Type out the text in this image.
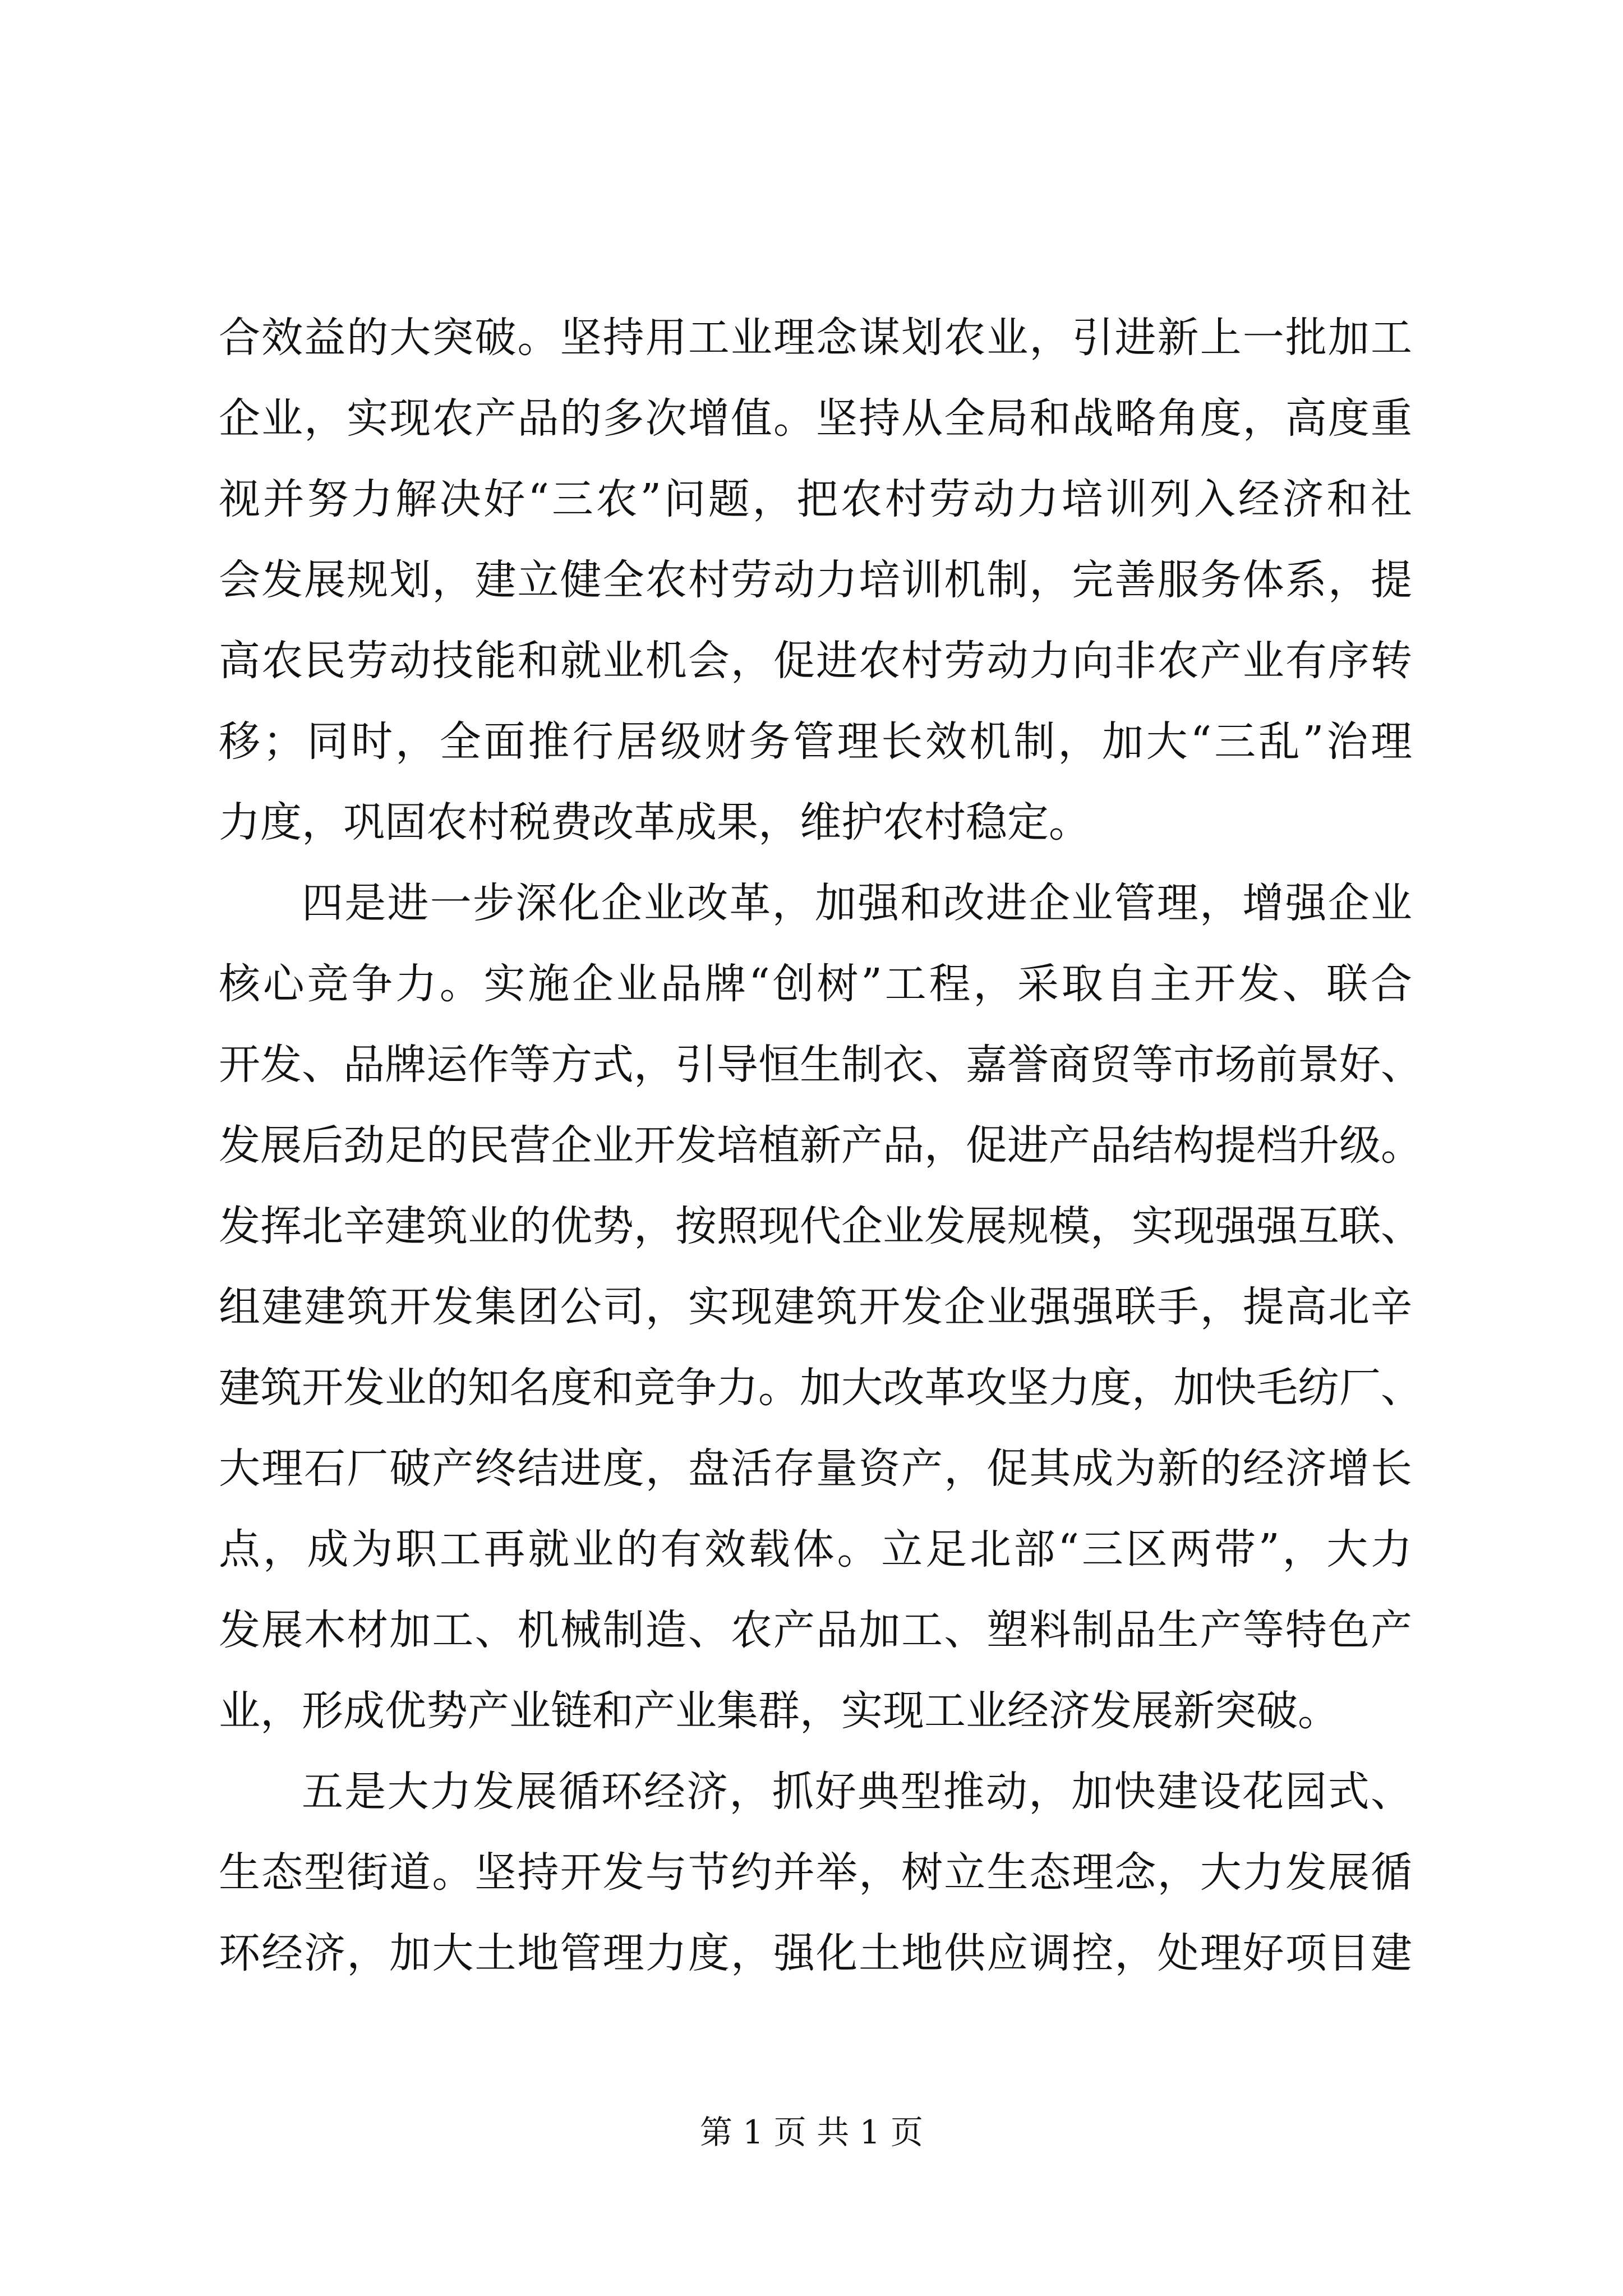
合效益的大突破。坚持用工业理念谋划农业，引进新上一批加工
企业，实现农产品的多次增值。坚持从全局和战略角度，高度重
视并努力解决好“三农”问题，把农村劳动力培训列入经济和社
会发展规划，建立健全农村劳动力培训机制，完善服务体系，提
高农民劳动技能和就业机会，促进农村劳动力向非农产业有序转
移；同时，全面推行居级财务管理长效机制，加大“三乱”治理
力度，巩固农村税费改革成果，维护农村稳定。
四是进一步深化企业改革，加强和改进企业管理，增强企业
核心竞争力。实施企业品牌“创树”工程，采取自主开发、联合
开发、品牌运作等方式，引导恒生制衣、嘉誉商贸等市场前景好、
发展后劲足的民营企业开发培植新产品，促进产品结构提档升级。
发挥北辛建筑业的优势，按照现代企业发展规模，实现强强互联、
组建建筑开发集团公司，实现建筑开发企业强强联手，提高北辛
建筑开发业的知名度和竞争力。加大改革攻坚力度，加快毛纺厂、
大理石厂破产终结进度，盘活存量资产，促其成为新的经济增长
点，成为职工再就业的有效载体。立足北部“三区两带”，大力
发展木材加工、机械制造、农产品加工、塑料制品生产等特色产
业，形成优势产业链和产业集群，实现工业经济发展新突破。
五是大力发展循环经济，抓好典型推动，加快建设花园式、
生态型街道。坚持开发与节约并举，树立生态理念，大力发展循
环经济，加大土地管理力度，强化土地供应调控，处理好项目建
第 1 页 共 1 页
